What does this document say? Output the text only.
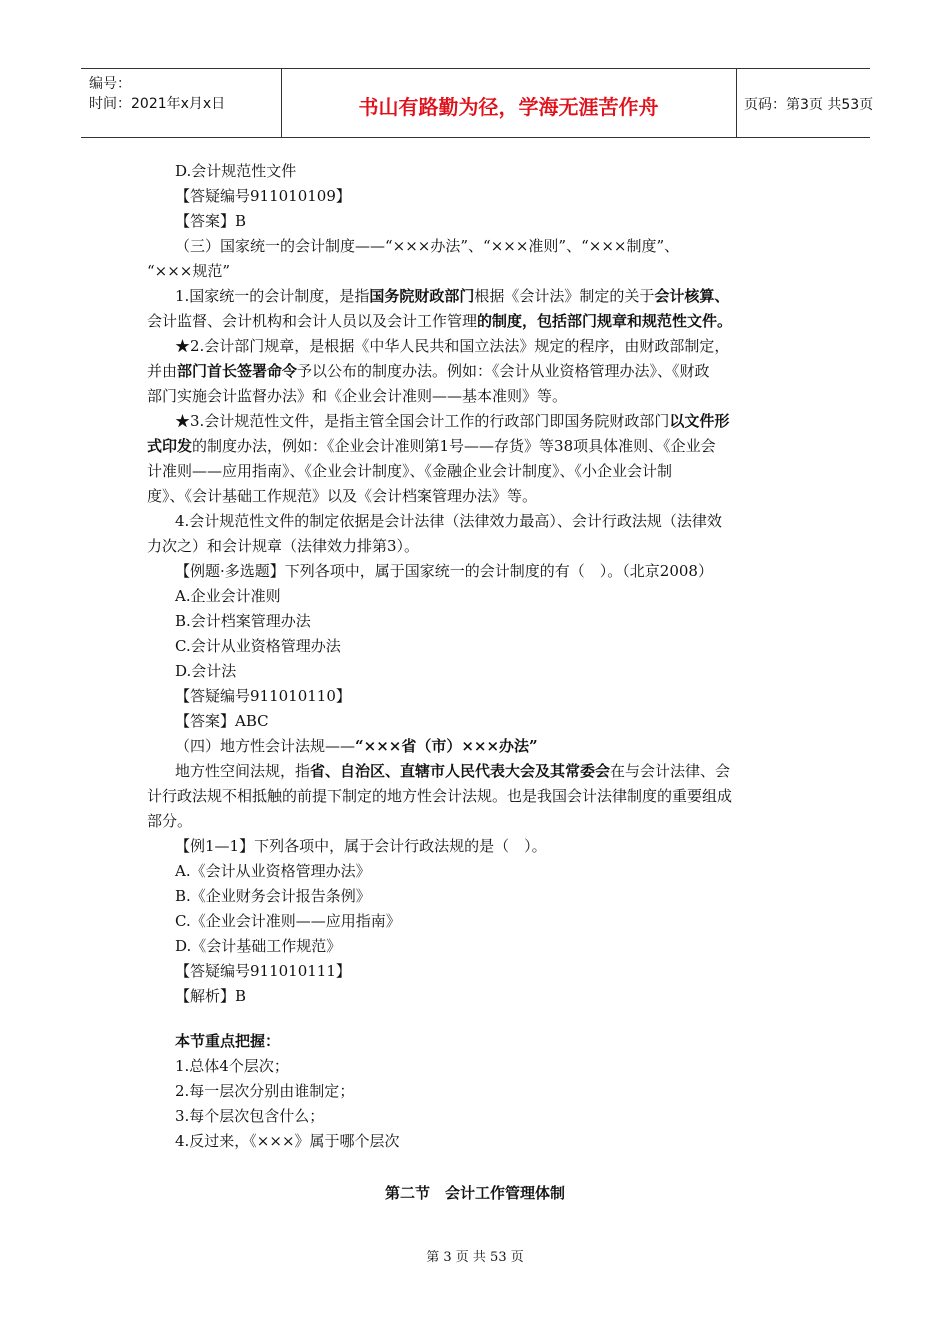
编号：
时间：2021年x月x日	书山有路勤为径，学海无涯苦作舟	页码：第3页 共53页
D.会计规范性文件
【答疑编号911010109】
【答案】B
（三）国家统一的会计制度——“×××办法”、“×××准则”、“×××制度”、
“×××规范”
1.国家统一的会计制度，是指国务院财政部门根据《会计法》制定的关于会计核算、
会计监督、会计机构和会计人员以及会计工作管理的制度，包括部门规章和规范性文件。
★2.会计部门规章，是根据《中华人民共和国立法法》规定的程序，由财政部制定，
并由部门首长签署命令予以公布的制度办法。例如：《会计从业资格管理办法》、《财政
部门实施会计监督办法》和《企业会计准则——基本准则》等。
★3.会计规范性文件，是指主管全国会计工作的行政部门即国务院财政部门以文件形
式印发的制度办法，例如：《企业会计准则第1号——存货》等38项具体准则、《企业会
计准则——应用指南》、《企业会计制度》、《金融企业会计制度》、《小企业会计制
度》、《会计基础工作规范》以及《会计档案管理办法》等。
4.会计规范性文件的制定依据是会计法律（法律效力最高）、会计行政法规（法律效
力次之）和会计规章（法律效力排第3）。
【例题·多选题】下列各项中，属于国家统一的会计制度的有（　）。（北京2008）
A.企业会计准则
B.会计档案管理办法
C.会计从业资格管理办法
D.会计法
【答疑编号911010110】
【答案】ABC
（四）地方性会计法规——“×××省（市）×××办法”
地方性空间法规，指省、自治区、直辖市人民代表大会及其常委会在与会计法律、会
计行政法规不相抵触的前提下制定的地方性会计法规。也是我国会计法律制度的重要组成
部分。
【例1—1】下列各项中，属于会计行政法规的是（　）。
A.《会计从业资格管理办法》
B.《企业财务会计报告条例》
C.《企业会计准则——应用指南》
D.《会计基础工作规范》
【答疑编号911010111】
【解析】B
本节重点把握：
1.总体4个层次；
2.每一层次分别由谁制定；
3.每个层次包含什么；
4.反过来，《×××》属于哪个层次
第二节　会计工作管理体制
第 3 页 共 53 页
